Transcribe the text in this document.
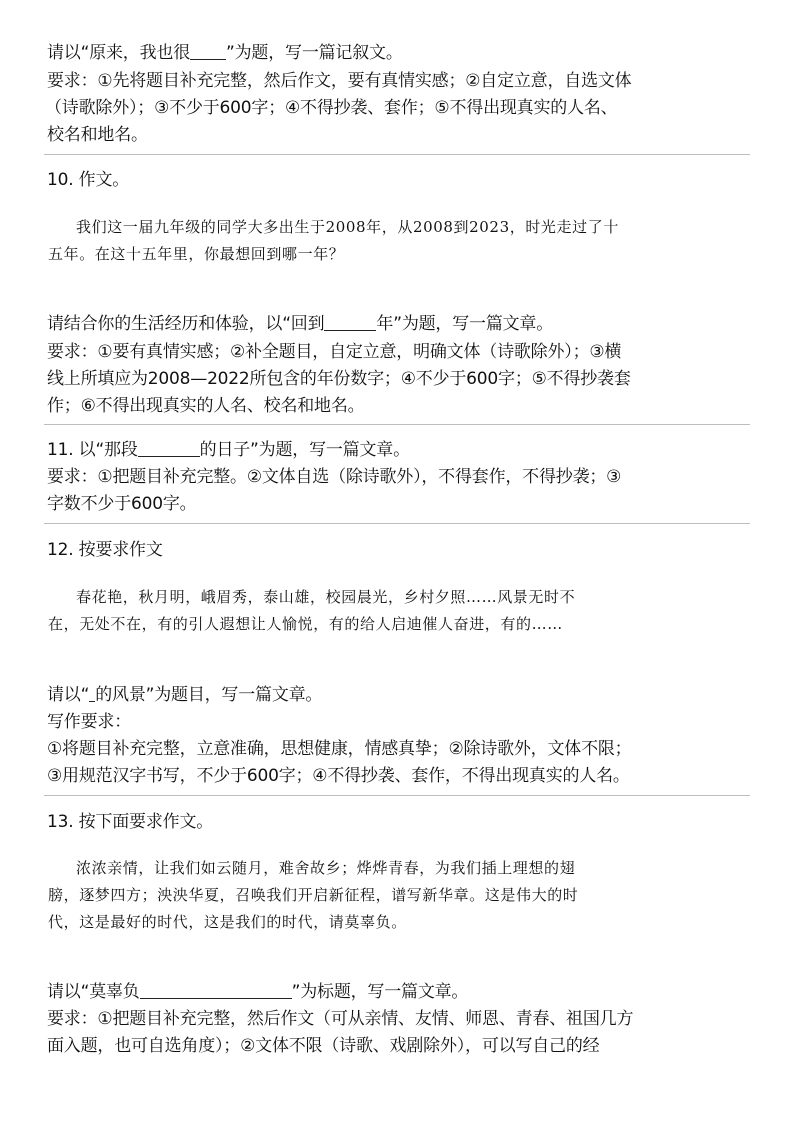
请以“原来，我也很 ”为题，写一篇记叙文。
要求：①先将题目补充完整，然后作文，要有真情实感；②自定立意，自选文体
（诗歌除外）；③不少于600字；④不得抄袭、套作；⑤不得出现真实的人名、
校名和地名。
10. 作文。
我们这一届九年级的同学大多出生于2008年，从2008到2023，时光走过了十
五年。在这十五年里，你最想回到哪一年？
请结合你的生活经历和体验，以“回到	年”为题，写一篇文章。
要求：①要有真情实感；②补全题目，自定立意，明确文体（诗歌除外）；③横
线上所填应为2008—2022所包含的年份数字；④不少于600字；⑤不得抄袭套
作；⑥不得出现真实的人名、校名和地名。
11. 以“那段	的日子”为题，写一篇文章。
要求：①把题目补充完整。②文体自选（除诗歌外），不得套作，不得抄袭；③
字数不少于600字。
12. 按要求作文
春花艳，秋月明，峨眉秀，泰山雄，校园晨光，乡村夕照……风景无时不
在，无处不在，有的引人遐想让人愉悦，有的给人启迪催人奋进，有的……
请以“ 的风景”为题目，写一篇文章。
写作要求：
①将题目补充完整，立意准确，思想健康，情感真挚；②除诗歌外，文体不限；
③用规范汉字书写，不少于600字；④不得抄袭、套作，不得出现真实的人名。
13. 按下面要求作文。
浓浓亲情，让我们如云随月，难舍故乡；烨烨青春，为我们插上理想的翅
膀，逐梦四方；泱泱华夏，召唤我们开启新征程，谱写新华章。这是伟大的时
代，这是最好的时代，这是我们的时代，请莫辜负。
请以“莫辜负	”为标题，写一篇文章。
要求：①把题目补充完整，然后作文（可从亲情、友情、师恩、青春、祖国几方
面入题，也可自选角度）；②文体不限（诗歌、戏剧除外），可以写自己的经
